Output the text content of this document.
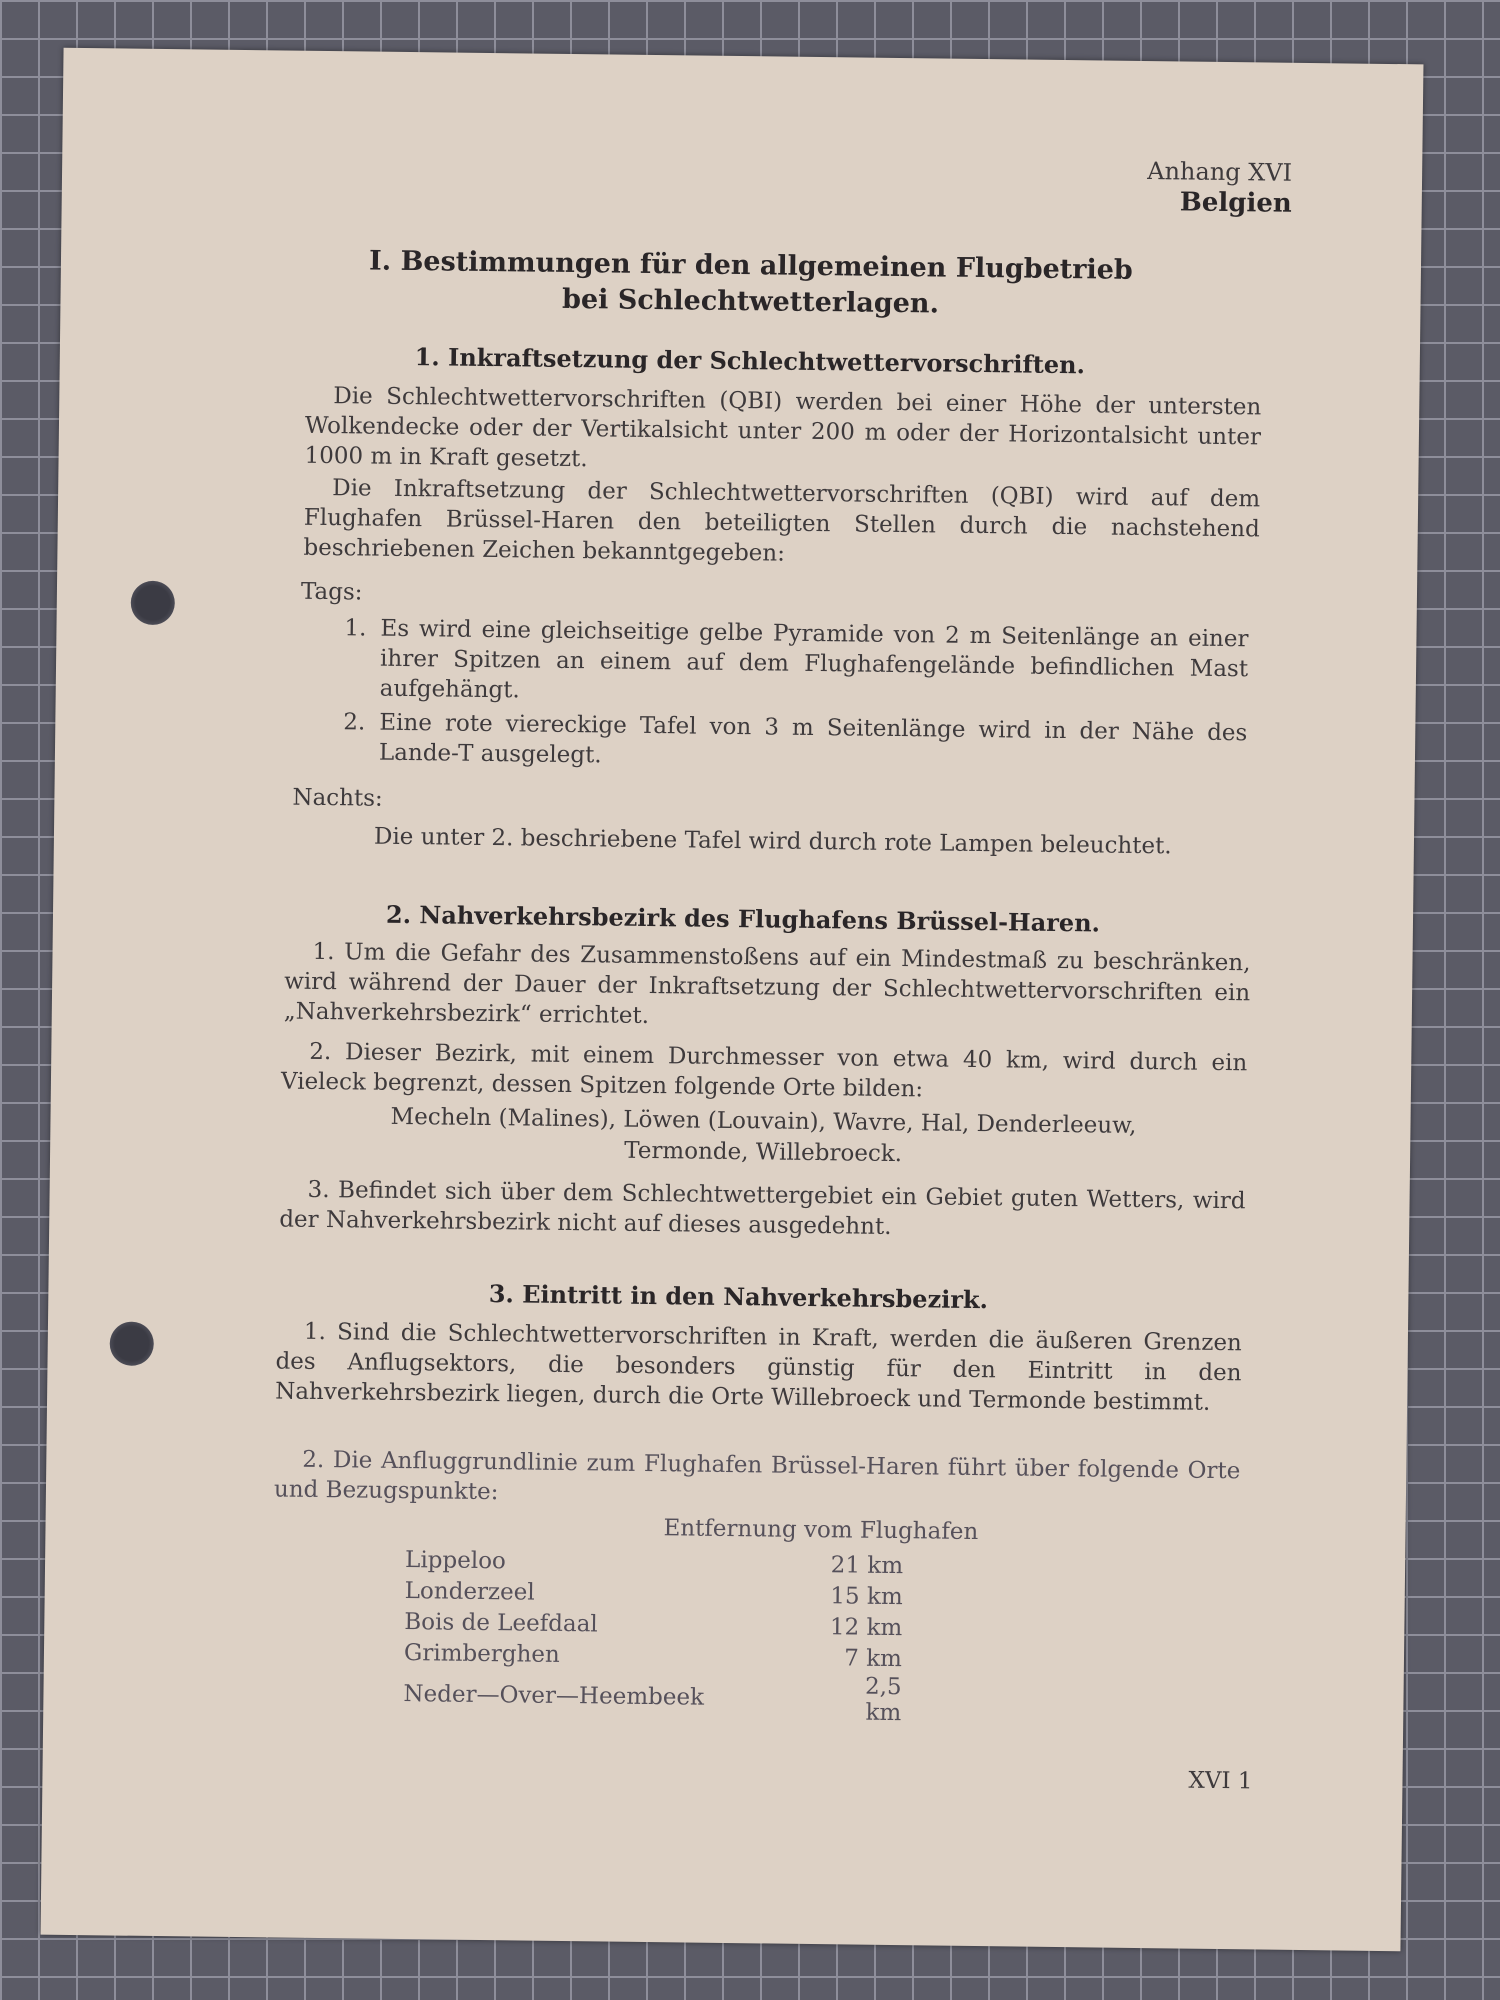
Anhang XVI
Belgien
I. Bestimmungen für den allgemeinen Flugbetrieb
bei Schlechtwetterlagen.
1. Inkraftsetzung der Schlechtwettervorschriften.

Die Schlechtwettervorschriften (QBI) werden bei einer Höhe der untersten Wolkendecke oder der Vertikalsicht unter 200 m oder der Horizontalsicht unter 1000 m in Kraft gesetzt.

Die Inkraftsetzung der Schlechtwettervorschriften (QBI) wird auf dem Flughafen Brüssel-Haren den beteiligten Stellen durch die nachstehend beschriebenen Zeichen bekanntgegeben:

Tags:
1. Es wird eine gleichseitige gelbe Pyramide von 2 m Seitenlänge an einer ihrer Spitzen an einem auf dem Flughafengelände befindlichen Mast aufgehängt.
2. Eine rote viereckige Tafel von 3 m Seitenlänge wird in der Nähe des Lande-T ausgelegt.
Nachts:
Die unter 2. beschriebene Tafel wird durch rote Lampen beleuchtet.
2. Nahverkehrsbezirk des Flughafens Brüssel-Haren.

1. Um die Gefahr des Zusammenstoßens auf ein Mindestmaß zu beschränken, wird während der Dauer der Inkraftsetzung der Schlechtwettervorschriften ein „Nahverkehrsbezirk“ errichtet.

2. Dieser Bezirk, mit einem Durchmesser von etwa 40 km, wird durch ein Vieleck begrenzt, dessen Spitzen folgende Orte bilden:

Mecheln (Malines), Löwen (Louvain), Wavre, Hal, Denderleeuw,
Termonde, Willebroeck.

3. Befindet sich über dem Schlechtwettergebiet ein Gebiet guten Wetters, wird der Nahverkehrsbezirk nicht auf dieses ausgedehnt.

3. Eintritt in den Nahverkehrsbezirk.

1. Sind die Schlechtwettervorschriften in Kraft, werden die äußeren Grenzen des Anflugsektors, die besonders günstig für den Eintritt in den Nahverkehrsbezirk liegen, durch die Orte Willebroeck und Termonde bestimmt.

2. Die Anfluggrundlinie zum Flughafen Brüssel-Haren führt über folgende Orte und Bezugspunkte:

Entfernung vom Flughafen
Lippeloo	21 km
Londerzeel	15 km
Bois de Leefdaal	12 km
Grimberghen	7 km
Neder—Over—Heembeek	2,5 km
XVI 1
